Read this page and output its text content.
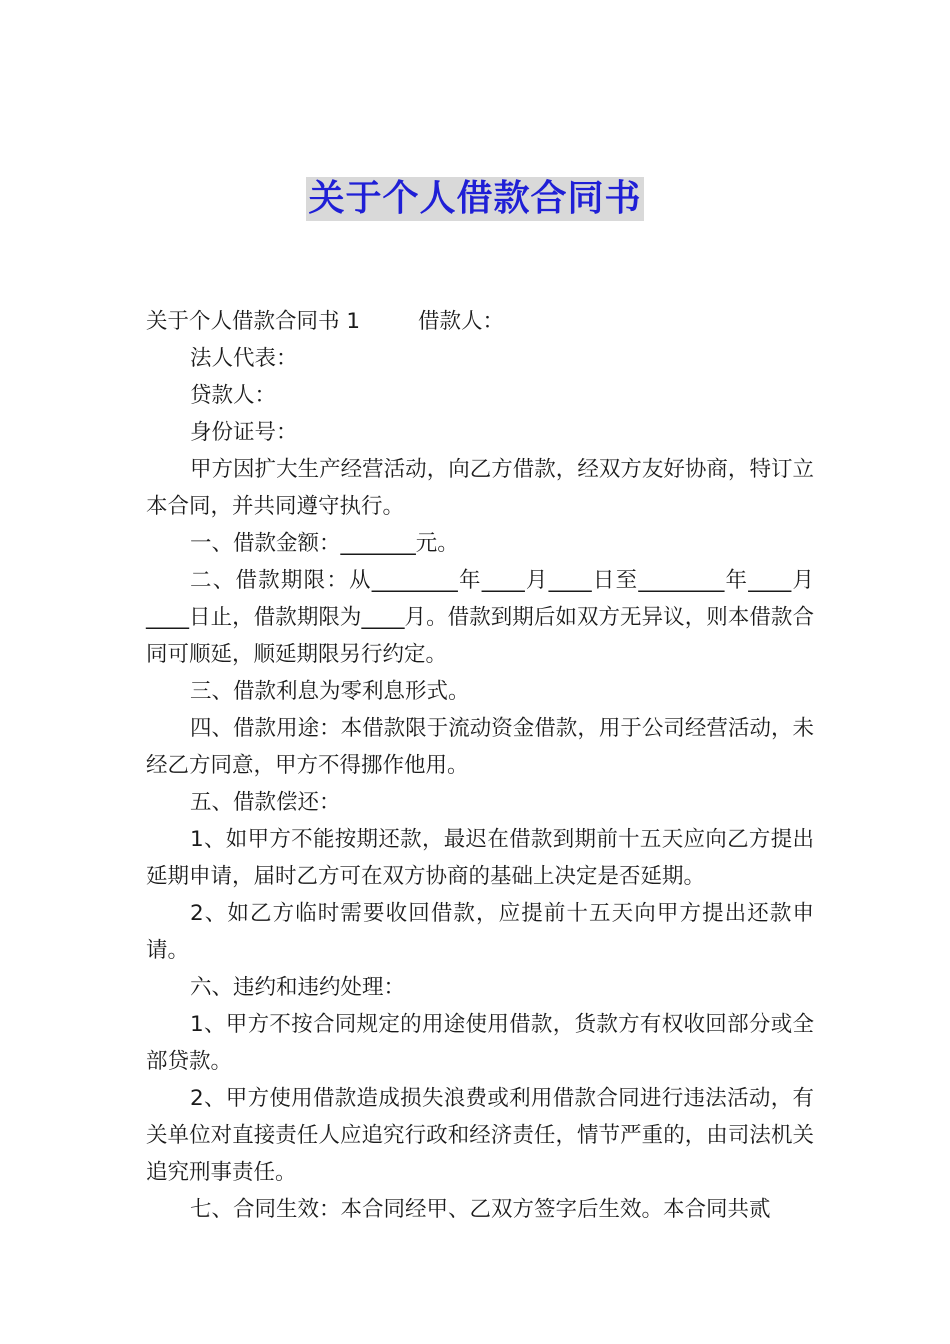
关于个人借款合同书

关于个人借款合同书 1	借款人：

法人代表：

贷款人：

身份证号：

甲方因扩大生产经营活动，向乙方借款，经双方友好协商，特订立本合同，并共同遵守执行。

一、借款金额：_______元。

二、借款期限：从________年____月____日至________年____月____日止，借款期限为____月。借款到期后如双方无异议，则本借款合同可顺延，顺延期限另行约定。

三、借款利息为零利息形式。

四、借款用途：本借款限于流动资金借款，用于公司经营活动，未经乙方同意，甲方不得挪作他用。

五、借款偿还：

1、如甲方不能按期还款，最迟在借款到期前十五天应向乙方提出延期申请，届时乙方可在双方协商的基础上决定是否延期。

2、如乙方临时需要收回借款，应提前十五天向甲方提出还款申请。

六、违约和违约处理：

1、甲方不按合同规定的用途使用借款，货款方有权收回部分或全部贷款。

2、甲方使用借款造成损失浪费或利用借款合同进行违法活动，有关单位对直接责任人应追究行政和经济责任，情节严重的，由司法机关追究刑事责任。

七、合同生效：本合同经甲、乙双方签字后生效。本合同共贰
